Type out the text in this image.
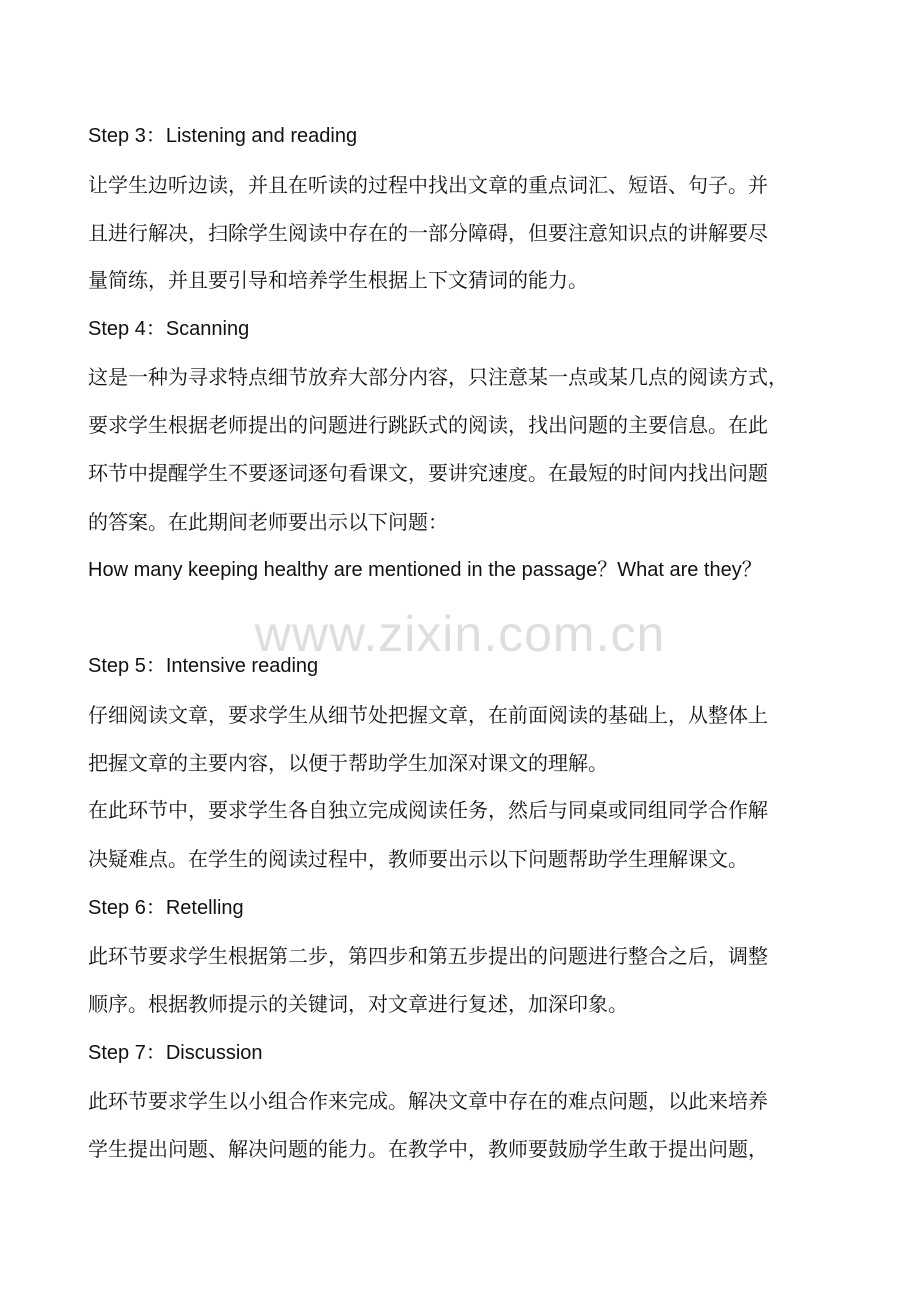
Step 3：Listening and reading
让学生边听边读，并且在听读的过程中找出文章的重点词汇、短语、句子。并
且进行解决，扫除学生阅读中存在的一部分障碍，但要注意知识点的讲解要尽
量简练，并且要引导和培养学生根据上下文猜词的能力。
Step 4：Scanning
这是一种为寻求特点细节放弃大部分内容，只注意某一点或某几点的阅读方式，
要求学生根据老师提出的问题进行跳跃式的阅读，找出问题的主要信息。在此
环节中提醒学生不要逐词逐句看课文，要讲究速度。在最短的时间内找出问题
的答案。在此期间老师要出示以下问题：
How many keeping healthy are mentioned in the passage？What are they？
www.zixin.com.cn
Step 5：Intensive reading
仔细阅读文章，要求学生从细节处把握文章，在前面阅读的基础上，从整体上
把握文章的主要内容，以便于帮助学生加深对课文的理解。
在此环节中，要求学生各自独立完成阅读任务，然后与同桌或同组同学合作解
决疑难点。在学生的阅读过程中，教师要出示以下问题帮助学生理解课文。
Step 6：Retelling
此环节要求学生根据第二步，第四步和第五步提出的问题进行整合之后，调整
顺序。根据教师提示的关键词，对文章进行复述，加深印象。
Step 7：Discussion
此环节要求学生以小组合作来完成。解决文章中存在的难点问题，以此来培养
学生提出问题、解决问题的能力。在教学中，教师要鼓励学生敢于提出问题，
